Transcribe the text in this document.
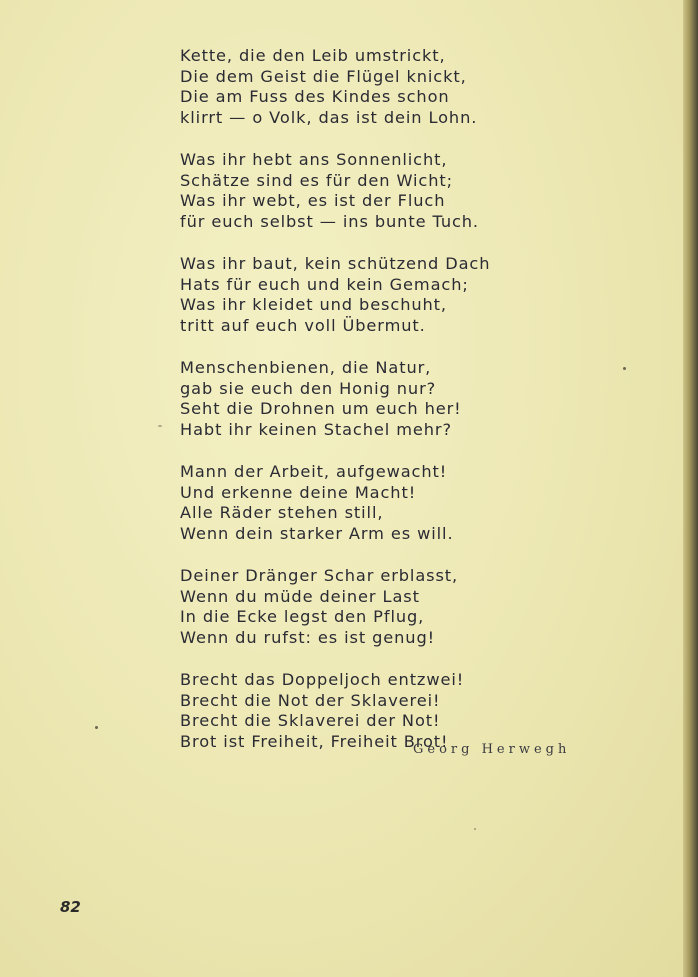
Kette, die den Leib umstrickt,
Die dem Geist die Flügel knickt,
Die am Fuss des Kindes schon
klirrt — o Volk, das ist dein Lohn.
Was ihr hebt ans Sonnenlicht,
Schätze sind es für den Wicht;
Was ihr webt, es ist der Fluch
für euch selbst — ins bunte Tuch.
Was ihr baut, kein schützend Dach
Hats für euch und kein Gemach;
Was ihr kleidet und beschuht,
tritt auf euch voll Übermut.
Menschenbienen, die Natur,
gab sie euch den Honig nur?
Seht die Drohnen um euch her!
Habt ihr keinen Stachel mehr?
Mann der Arbeit, aufgewacht!
Und erkenne deine Macht!
Alle Räder stehen still,
Wenn dein starker Arm es will.
Deiner Dränger Schar erblasst,
Wenn du müde deiner Last
In die Ecke legst den Pflug,
Wenn du rufst: es ist genug!
Brecht das Doppeljoch entzwei!
Brecht die Not der Sklaverei!
Brecht die Sklaverei der Not!
Brot ist Freiheit, Freiheit Brot!
Georg Herwegh
82
